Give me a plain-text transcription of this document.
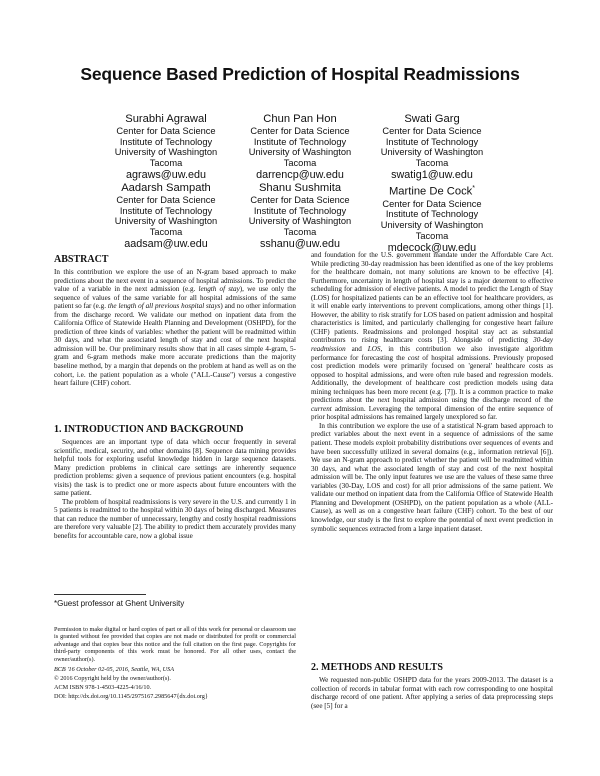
Sequence Based Prediction of Hospital Readmissions
Surabhi Agrawal
Center for Data Science
Institute of Technology
University of Washington
Tacoma
agraws@uw.edu
Chun Pan Hon
Center for Data Science
Institute of Technology
University of Washington
Tacoma
darrencp@uw.edu
Swati Garg
Center for Data Science
Institute of Technology
University of Washington
Tacoma
swatig1@uw.edu
Aadarsh Sampath
Center for Data Science
Institute of Technology
University of Washington
Tacoma
aadsam@uw.edu
Shanu Sushmita
Center for Data Science
Institute of Technology
University of Washington
Tacoma
sshanu@uw.edu
Martine De Cock*
Center for Data Science
Institute of Technology
University of Washington
Tacoma
mdecock@uw.edu
ABSTRACT

In this contribution we explore the use of an N-gram based approach to make predictions about the next event in a sequence of hospital admissions. To predict the value of a variable in the next admission (e.g. length of stay), we use only the sequence of values of the same variable for all hospital admissions of the same patient so far (e.g. the length of all previous hospital stays) and no other information from the discharge record. We validate our method on inpatient data from the California Office of Statewide Health Planning and Development (OSHPD), for the prediction of three kinds of variables: whether the patient will be readmitted within 30 days, and what the associated length of stay and cost of the next hospital admission will be. Our preliminary results show that in all cases simple 4-gram, 5-gram and 6-gram methods make more accurate predictions than the majority baseline method, by a margin that depends on the problem at hand as well as on the cohort, i.e. the patient population as a whole ("ALL-Cause") versus a congestive heart failure (CHF) cohort.

1. INTRODUCTION AND BACKGROUND

Sequences are an important type of data which occur frequently in several scientific, medical, security, and other domains [8]. Sequence data mining provides helpful tools for exploring useful knowledge hidden in large sequence datasets. Many prediction problems in clinical care settings are inherently sequence prediction problems: given a sequence of previous patient encounters (e.g. hospital visits) the task is to predict one or more aspects about future encounters with the same patient.

The problem of hospital readmissions is very severe in the U.S. and currently 1 in 5 patients is readmitted to the hospital within 30 days of being discharged. Measures that can reduce the number of unnecessary, lengthy and costly hospital readmissions are therefore very valuable [2]. The ability to predict them accurately provides many benefits for accountable care, now a global issue

*Guest professor at Ghent University
Permission to make digital or hard copies of part or all of this work for personal or classroom use is granted without fee provided that copies are not made or distributed for profit or commercial advantage and that copies bear this notice and the full citation on the first page. Copyrights for third-party components of this work must be honored. For all other uses, contact the owner/author(s).
BCB '16 October 02-05, 2016, Seattle, WA, USA
© 2016 Copyright held by the owner/author(s).
ACM ISBN 978-1-4503-4225-4/16/10.
DOI: http://dx.doi.org/10.1145/2975167.2985647{dx.doi.org}

and foundation for the U.S. government mandate under the Affordable Care Act. While predicting 30-day readmission has been identified as one of the key problems for the healthcare domain, not many solutions are known to be effective [4]. Furthermore, uncertainty in length of hospital stay is a major deterrent to effective scheduling for admission of elective patients. A model to predict the Length of Stay (LOS) for hospitalized patients can be an effective tool for healthcare providers, as it will enable early interventions to prevent complications, among other things [1]. However, the ability to risk stratify for LOS based on patient admission and hospital characteristics is limited, and particularly challenging for congestive heart failure (CHF) patients. Readmissions and prolonged hospital stay act as substantial contributors to rising healthcare costs [3]. Alongside of predicting 30-day readmission and LOS, in this contribution we also investigate algorithm performance for forecasting the cost of hospital admissions. Previously proposed cost prediction models were primarily focused on 'general' healthcare costs as opposed to hospital admissions, and were often rule based and regression models. Additionally, the development of healthcare cost prediction models using data mining techniques has been more recent (e.g. [7]). It is a common practice to make predictions about the next hospital admission using the discharge record of the current admission. Leveraging the temporal dimension of the entire sequence of prior hospital admissions has remained largely unexplored so far.

In this contribution we explore the use of a statistical N-gram based approach to predict variables about the next event in a sequence of admissions of the same patient. These models exploit probability distributions over sequences of events and have been successfully utilized in several domains (e.g., information retrieval [6]). We use an N-gram approach to predict whether the patient will be readmitted within 30 days, and what the associated length of stay and cost of the next hospital admission will be. The only input features we use are the values of these same three variables (30-Day, LOS and cost) for all prior admissions of the same patient. We validate our method on inpatient data from the California Office of Statewide Health Planning and Development (OSHPD), on the patient population as a whole (ALL-Cause), as well as on a congestive heart failure (CHF) cohort. To the best of our knowledge, our study is the first to explore the potential of next event prediction in symbolic sequences extracted from a large inpatient dataset.

2. METHODS AND RESULTS

We requested non-public OSHPD data for the years 2009-2013. The dataset is a collection of records in tabular format with each row corresponding to one hospital discharge record of one patient. After applying a series of data preprocessing steps (see [5] for a
